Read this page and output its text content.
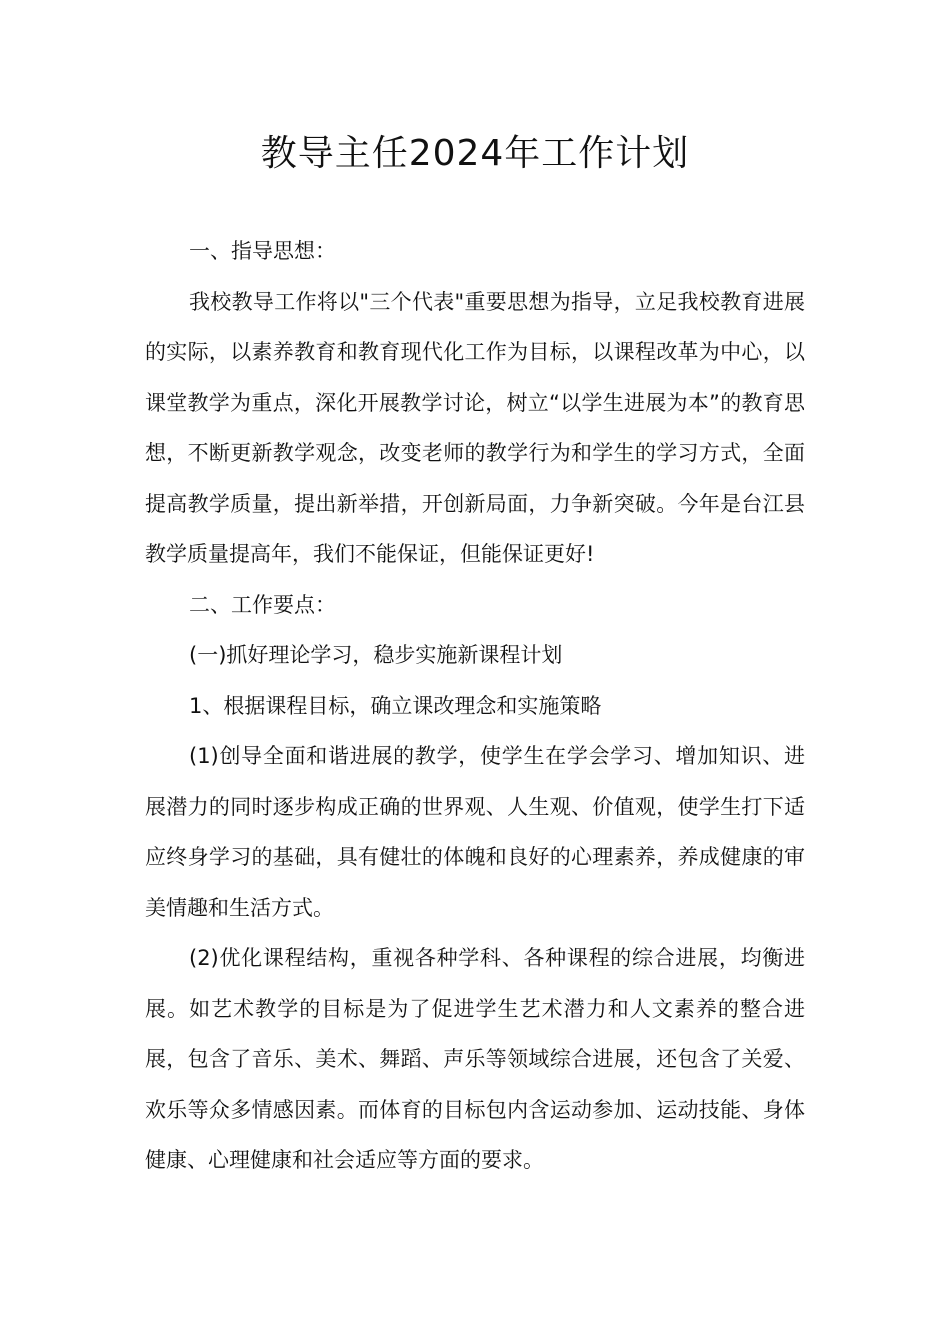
教导主任2024年工作计划

一、指导思想：

我校教导工作将以"三个代表"重要思想为指导，立足我校教育进展的实际，以素养教育和教育现代化工作为目标，以课程改革为中心，以课堂教学为重点，深化开展教学讨论，树立“以学生进展为本”的教育思想，不断更新教学观念，改变老师的教学行为和学生的学习方式，全面提高教学质量，提出新举措，开创新局面，力争新突破。今年是台江县教学质量提高年，我们不能保证，但能保证更好!

二、工作要点：

(一)抓好理论学习，稳步实施新课程计划

1、根据课程目标，确立课改理念和实施策略

(1)创导全面和谐进展的教学，使学生在学会学习、增加知识、进展潜力的同时逐步构成正确的世界观、人生观、价值观，使学生打下适应终身学习的基础，具有健壮的体魄和良好的心理素养，养成健康的审美情趣和生活方式。

(2)优化课程结构，重视各种学科、各种课程的综合进展，均衡进展。如艺术教学的目标是为了促进学生艺术潜力和人文素养的整合进展，包含了音乐、美术、舞蹈、声乐等领域综合进展，还包含了关爱、欢乐等众多情感因素。而体育的目标包内含运动参加、运动技能、身体健康、心理健康和社会适应等方面的要求。
